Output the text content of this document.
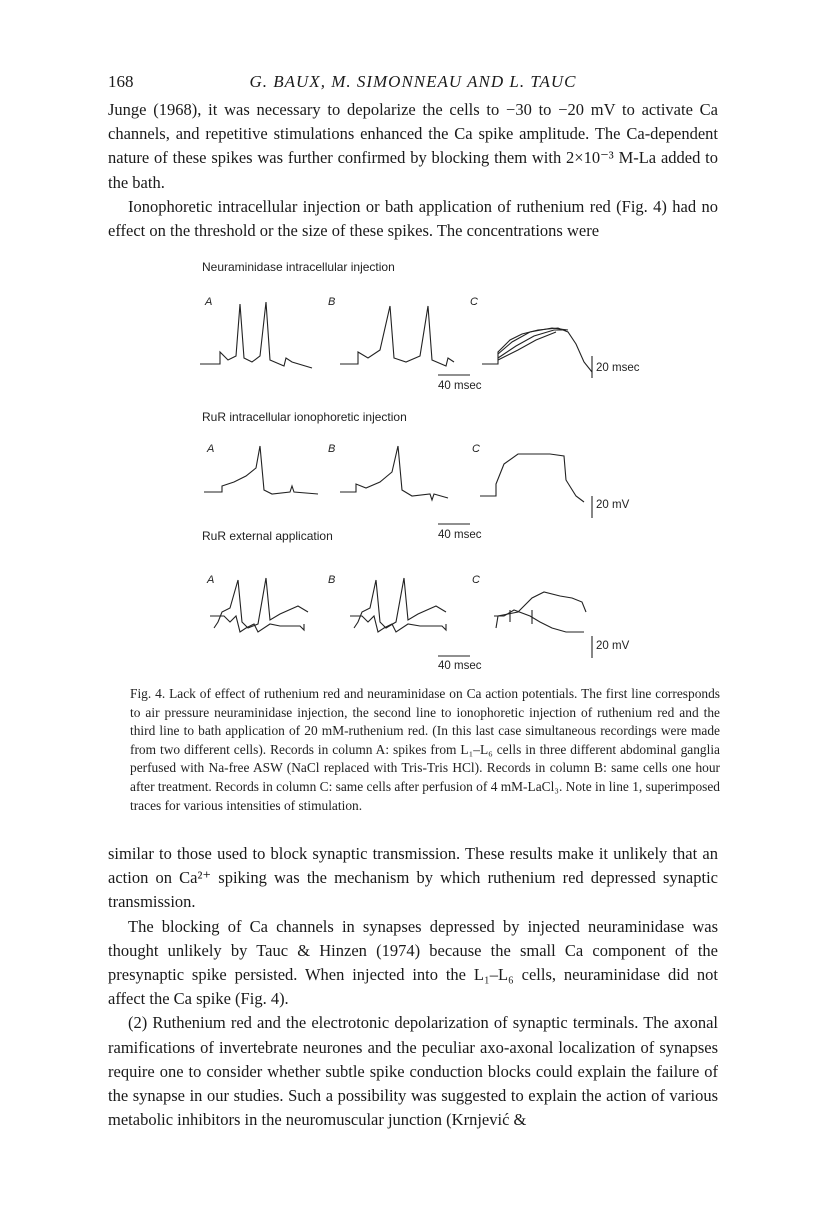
168	G. BAUX, M. SIMONNEAU AND L. TAUC

Junge (1968), it was necessary to depolarize the cells to −30 to −20 mV to activate Ca channels, and repetitive stimulations enhanced the Ca spike amplitude. The Ca-dependent nature of these spikes was further confirmed by blocking them with 2×10⁻³ M-La added to the bath.

Ionophoretic intracellular injection or bath application of ruthenium red (Fig. 4) had no effect on the threshold or the size of these spikes. The concentrations were

Neuraminidase intracellular injection
A	B	C
20 msec
40 msec
RuR intracellular ionophoretic injection
A	B	C
20 mV
RuR external application	40 msec
A	B	C
20 mV
40 msec

Fig. 4. Lack of effect of ruthenium red and neuraminidase on Ca action potentials. The first line corresponds to air pressure neuraminidase injection, the second line to ionophoretic injection of ruthenium red and the third line to bath application of 20 mM-ruthenium red. (In this last case simultaneous recordings were made from two different cells). Records in column A: spikes from L₁–L₆ cells in three different abdominal ganglia perfused with Na-free ASW (NaCl replaced with Tris-Tris HCl). Records in column B: same cells one hour after treatment. Records in column C: same cells after perfusion of 4 mM-LaCl₃. Note in line 1, superimposed traces for various intensities of stimulation.

similar to those used to block synaptic transmission. These results make it unlikely that an action on Ca²⁺ spiking was the mechanism by which ruthenium red depressed synaptic transmission.

The blocking of Ca channels in synapses depressed by injected neuraminidase was thought unlikely by Tauc & Hinzen (1974) because the small Ca component of the presynaptic spike persisted. When injected into the L₁–L₆ cells, neuraminidase did not affect the Ca spike (Fig. 4).

(2) Ruthenium red and the electrotonic depolarization of synaptic terminals. The axonal ramifications of invertebrate neurones and the peculiar axo-axonal localization of synapses require one to consider whether subtle spike conduction blocks could explain the failure of the synapse in our studies. Such a possibility was suggested to explain the action of various metabolic inhibitors in the neuromuscular junction (Krnjević &
